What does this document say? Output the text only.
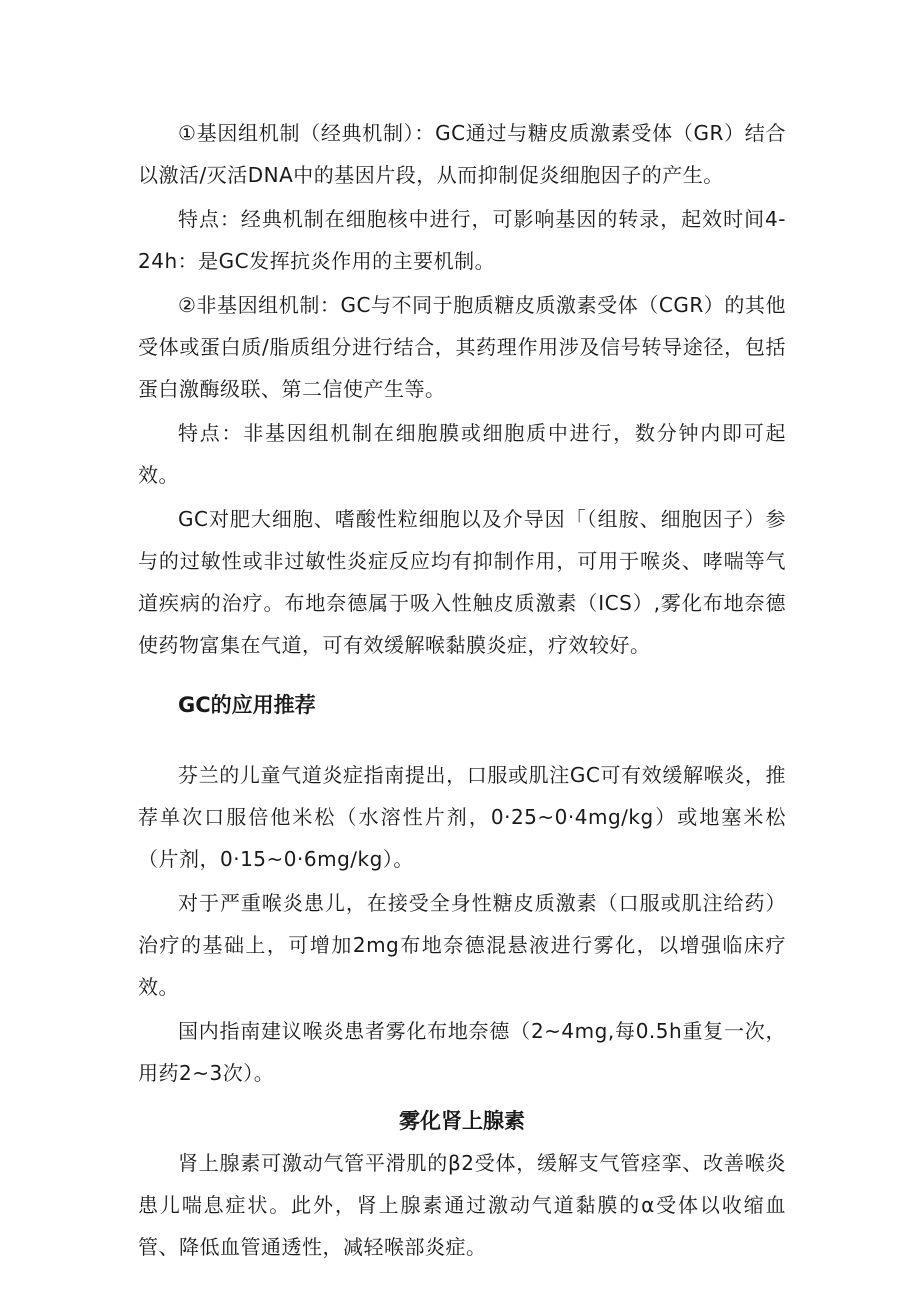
①基因组机制（经典机制）：GC通过与糖皮质激素受体（GR）结合以激活/灭活DNA中的基因片段，从而抑制促炎细胞因子的产生。

特点：经典机制在细胞核中进行，可影响基因的转录，起效时间4-24h：是GC发挥抗炎作用的主要机制。

②非基因组机制：GC与不同于胞质糖皮质激素受体（CGR）的其他受体或蛋白质/脂质组分进行结合，其药理作用涉及信号转导途径，包括蛋白激酶级联、第二信使产生等。

特点：非基因组机制在细胞膜或细胞质中进行，数分钟内即可起效。

GC对肥大细胞、嗜酸性粒细胞以及介导因「（组胺、细胞因子）参与的过敏性或非过敏性炎症反应均有抑制作用，可用于喉炎、哮喘等气道疾病的治疗。布地奈德属于吸入性触皮质激素（ICS）,雾化布地奈德使药物富集在气道，可有效缓解喉黏膜炎症，疗效较好。

GC的应用推荐

芬兰的儿童气道炎症指南提出，口服或肌注GC可有效缓解喉炎，推荐单次口服倍他米松（水溶性片剂，0·25~0·4mg∕kg）或地塞米松（片剂，0·15~0·6mg∕kg）。

对于严重喉炎患儿，在接受全身性糖皮质激素（口服或肌注给药）治疗的基础上，可增加2mg布地奈德混悬液进行雾化，以增强临床疗效。

国内指南建议喉炎患者雾化布地奈德（2~4mg,每0.5h重复一次，用药2~3次）。

雾化肾上腺素

肾上腺素可激动气管平滑肌的β2受体，缓解支气管痉挛、改善喉炎患儿喘息症状。此外，肾上腺素通过激动气道黏膜的α受体以收缩血管、降低血管通透性，减轻喉部炎症。
